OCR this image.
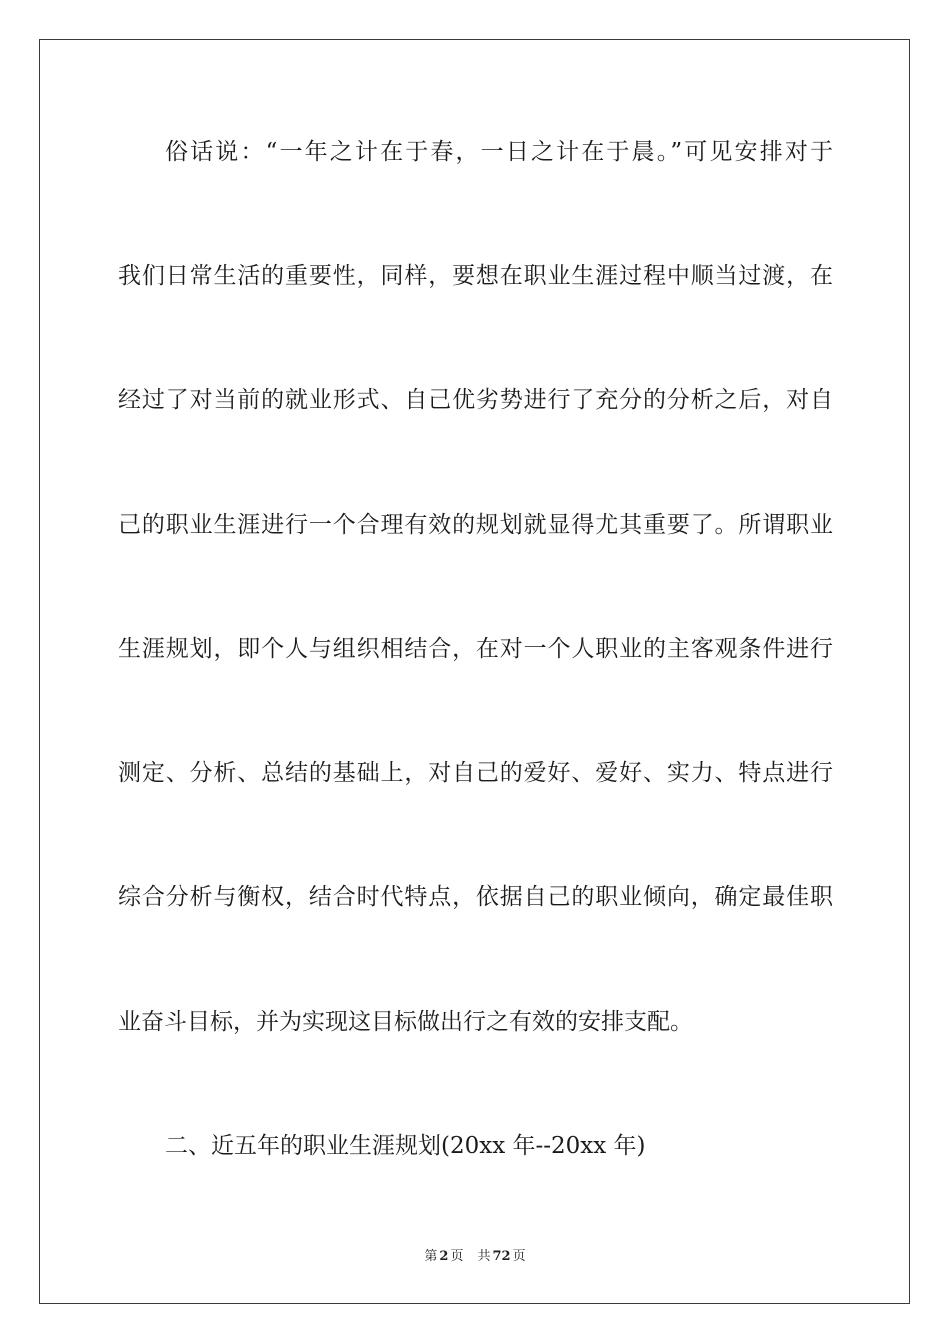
俗话说：“一年之计在于春，一日之计在于晨。”可见安排对于
我们日常生活的重要性，同样，要想在职业生涯过程中顺当过渡，在
经过了对当前的就业形式、自己优劣势进行了充分的分析之后，对自
己的职业生涯进行一个合理有效的规划就显得尤其重要了。所谓职业
生涯规划，即个人与组织相结合，在对一个人职业的主客观条件进行
测定、分析、总结的基础上，对自己的爱好、爱好、实力、特点进行
综合分析与衡权，结合时代特点，依据自己的职业倾向，确定最佳职
业奋斗目标，并为实现这目标做出行之有效的安排支配。
二、近五年的职业生涯规划(20xx 年--20xx 年)
第 2 页 共 72 页
